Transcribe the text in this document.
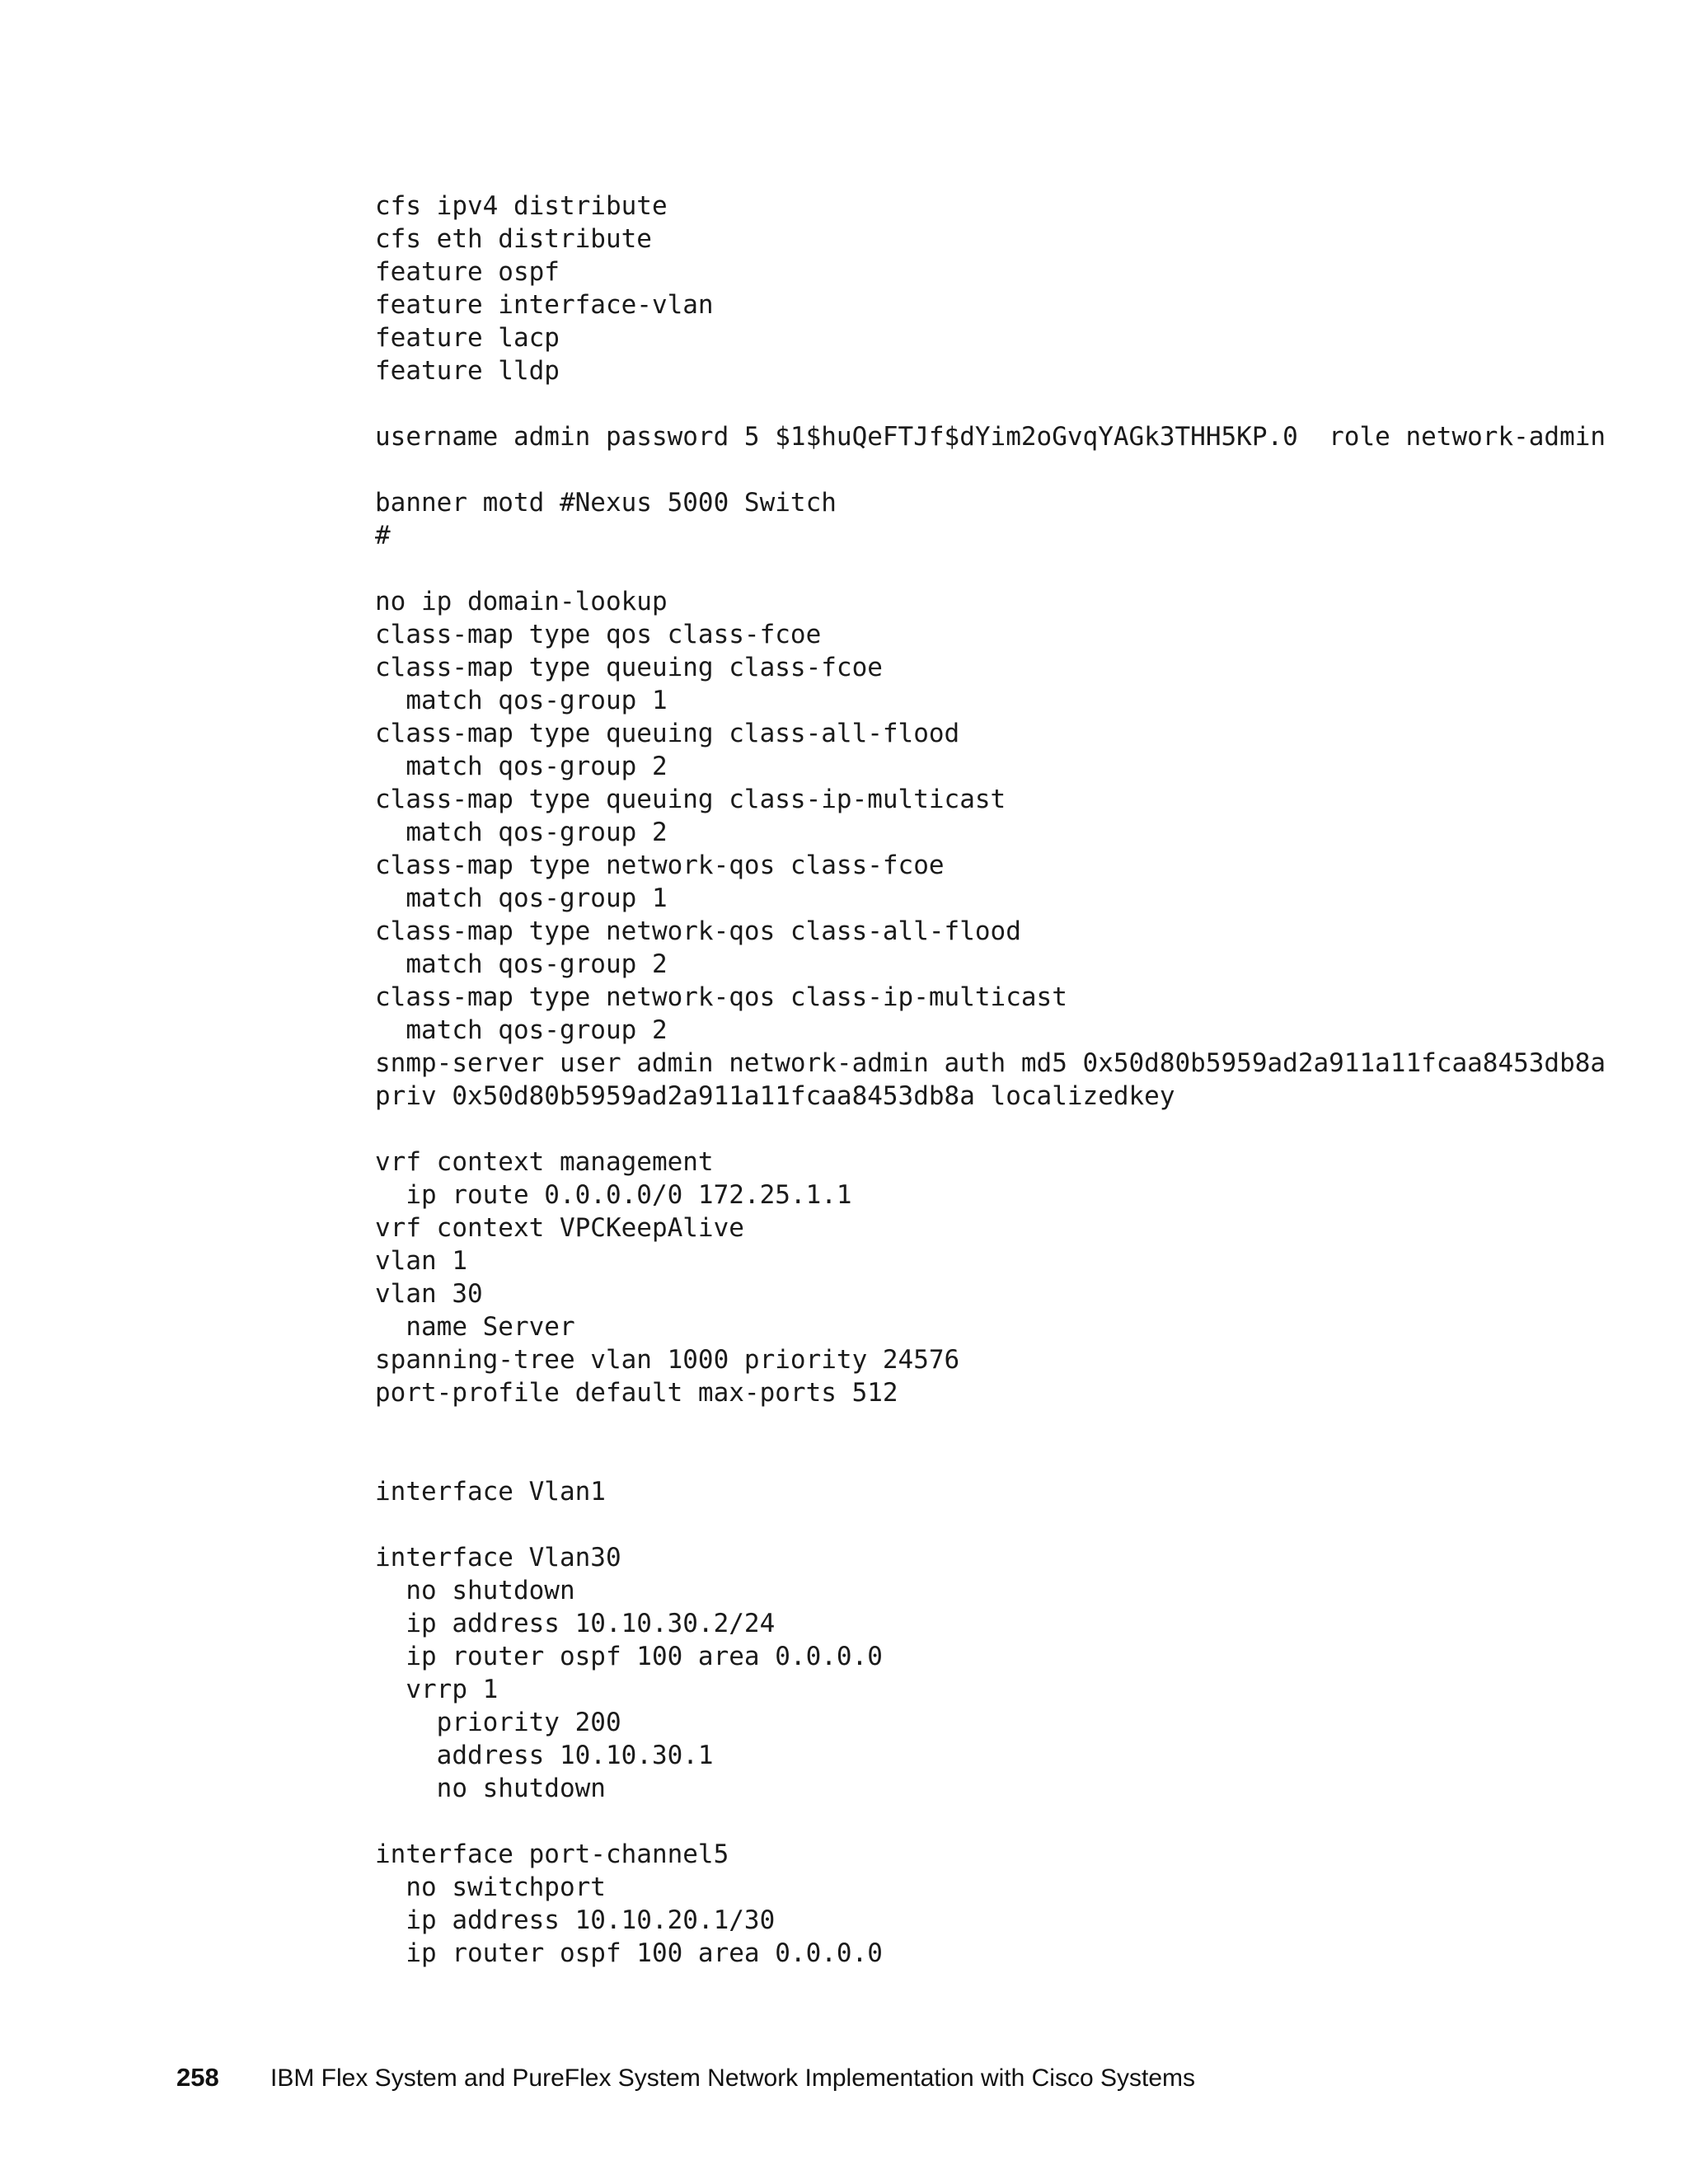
cfs ipv4 distribute
cfs eth distribute
feature ospf
feature interface-vlan
feature lacp
feature lldp
username admin password 5 $1$huQeFTJf$dYim2oGvqYAGk3THH5KP.0  role network-admin
banner motd #Nexus 5000 Switch
#
no ip domain-lookup
class-map type qos class-fcoe
class-map type queuing class-fcoe
match qos-group 1
class-map type queuing class-all-flood
match qos-group 2
class-map type queuing class-ip-multicast
match qos-group 2
class-map type network-qos class-fcoe
match qos-group 1
class-map type network-qos class-all-flood
match qos-group 2
class-map type network-qos class-ip-multicast
match qos-group 2
snmp-server user admin network-admin auth md5 0x50d80b5959ad2a911a11fcaa8453db8a
priv 0x50d80b5959ad2a911a11fcaa8453db8a localizedkey
vrf context management
ip route 0.0.0.0/0 172.25.1.1
vrf context VPCKeepAlive
vlan 1
vlan 30
name Server
spanning-tree vlan 1000 priority 24576
port-profile default max-ports 512
interface Vlan1
interface Vlan30
no shutdown
ip address 10.10.30.2/24
ip router ospf 100 area 0.0.0.0
vrrp 1
priority 200
address 10.10.30.1
no shutdown
interface port-channel5
no switchport
ip address 10.10.20.1/30
ip router ospf 100 area 0.0.0.0
258	IBM Flex System and PureFlex System Network Implementation with Cisco Systems
